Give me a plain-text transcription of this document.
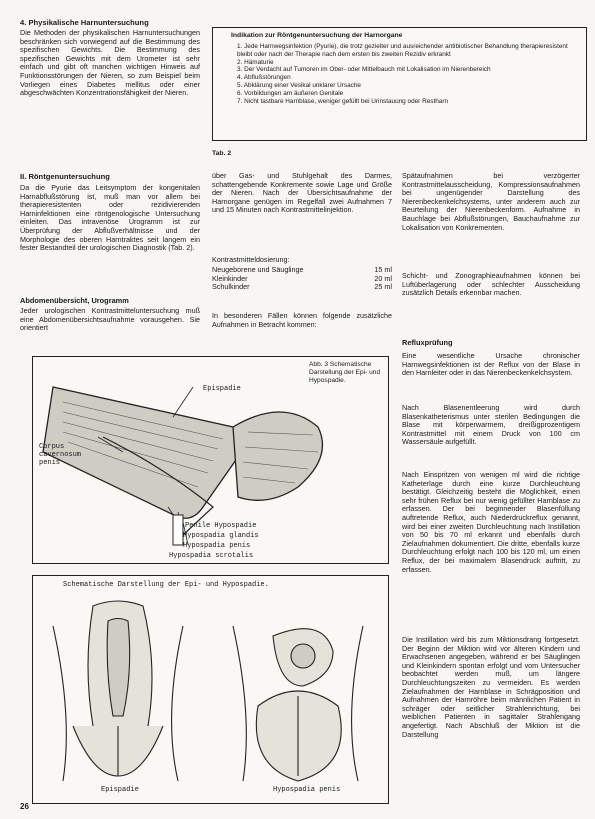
4. Physikalische Harnuntersuchung
Die Methoden der physikalischen Harnuntersuchungen beschränken sich vorwiegend auf die Bestimmung des spezifischen Gewichts. Die Bestimmung des spezifischen Gewichts mit dem Urometer ist sehr einfach und gibt oft manchen wichtigen Hinweis auf Funktionsstörungen der Nieren, so zum Beispiel beim Vorliegen eines Diabetes mellitus oder einer abgeschwächten Konzentrationsfähigkeit der Nieren.
II. Röntgenuntersuchung
Da die Pyurie das Leitsymptom der kongenitalen Harnabflußstörung ist, muß man vor allem bei therapieresistenten oder rezidivierenden Harninfektionen eine röntgenologische Untersuchung einleiten. Das intravenöse Urogramm ist zur Überprüfung der Abflußverhältnisse und der Morphologie des oberen Harntraktes seit langem ein fester Bestandteil der urologischen Diagnostik (Tab. 2).
Abdomenübersicht, Urogramm
Jeder urologischen Kontrastmitteluntersuchung muß eine Abdomenübersichtsaufnahme vorausgehen. Sie orientiert
Indikation zur Röntgenuntersuchung der Harnorgane
1. Jede Harnwegsinfektion (Pyurie), die trotz gezielter und ausreichender antibiotischer Behandlung therapieresistent bleibt oder nach der Therapie nach dem ersten bis zweiten Rezidiv erkrankt
2. Hämaturie
3. Der Verdacht auf Tumoren im Ober- oder Mittelbauch mit Lokalisation im Nierenbereich
4. Abflußstörungen
5. Abklärung einer Vesikal unklarer Ursache
6. Vorbildungen am äußeren Genitale
7. Nicht tastbare Harnblase, weniger gefüllt bei Urinstauung oder Restharn
Tab. 2
über Gas- und Stuhlgehalt des Darmes, schattengebende Konkremente sowie Lage und Größe der Nieren. Nach der Übersichtsaufnahme der Harnorgane genügen im Regelfall zwei Aufnahmen 7 und 15 Minuten nach Kontrastmittelinjektion.
Kontrastmitteldosierung:
Neugeborene und Säuglinge	15 ml
Kleinkinder	20 ml
Schulkinder	25 ml
In besonderen Fällen können folgende zusätzliche Aufnahmen in Betracht kommen:
Spätaufnahmen bei verzögerter Kontrastmittelausscheidung, Kompressionsaufnahmen bei ungenügender Darstellung des Nierenbeckenkelchsystems, unter anderem auch zur Beurteilung der Nierenbeckenform. Aufnahme in Bauchlage bei Abflußstörungen, Bauchaufnahme zur Lokalisation von Konkrementen.
Schicht- und Zonographieaufnahmen können bei Luftüberlagerung oder schlechter Ausscheidung zusätzlich Details erkennbar machen.
Refluxprüfung
Eine wesentliche Ursache chronischer Harnwegsinfektionen ist der Reflux von der Blase in den Harnleiter oder in das Nierenbeckenkelchsystem.
Nach Blasenentleerung wird durch Blasenkatheterismus unter sterilen Bedingungen die Blase mit körperwarmem, dreißigprozentigem Kontrastmittel mit einem Druck von 100 cm Wassersäule aufgefüllt.
Nach Einspritzen von wenigen ml wird die richtige Katheterlage durch eine kurze Durchleuchtung bestätigt. Gleichzeitig besteht die Möglichkeit, einen sehr frühen Reflux bei nur wenig gefüllter Harnblase zu erfassen. Der bei beginnender Blasenfüllung auftretende Reflux, auch Niederdruckreflux genannt, wird bei einer zweiten Durchleuchtung nach Instillation von 50 bis 70 ml erkannt und ebenfalls durch Zielaufnahmen dokumentiert. Die dritte, ebenfalls kurze Durchleuchtung erfolgt nach 100 bis 120 ml, um einen Reflux, der bei maximalem Blasendruck auftritt, zu erfassen.
Die Instillation wird bis zum Miktionsdrang fortgesetzt. Der Beginn der Miktion wird vor älteren Kindern und Erwachsenen angegeben, während er bei Säuglingen und Kleinkindern spontan erfolgt und vom Untersucher beobachtet werden muß, um längere Durchleuchtungszeiten zu vermeiden. Es werden Zielaufnahmen der Harnblase in Schrägposition und Aufnahmen der Harnröhre beim männlichen Patient in schräger oder seitlicher Strahlenrichtung, bei weiblichen Patienten in sagittaler Strahlengang angefertigt. Nach Abschluß der Miktion ist die Darstellung
Abb. 3 Schematische Darstellung der Epi- und Hypospadie.
Epispadie
Corpus cavernosum penis
Penile Hypospadie
Hypospadia glandis
Hypospadia penis
Hypospadia scrotalis
Schematische Darstellung der Epi- und Hypospadie.
Epispadie	Hypospadia penis
26
